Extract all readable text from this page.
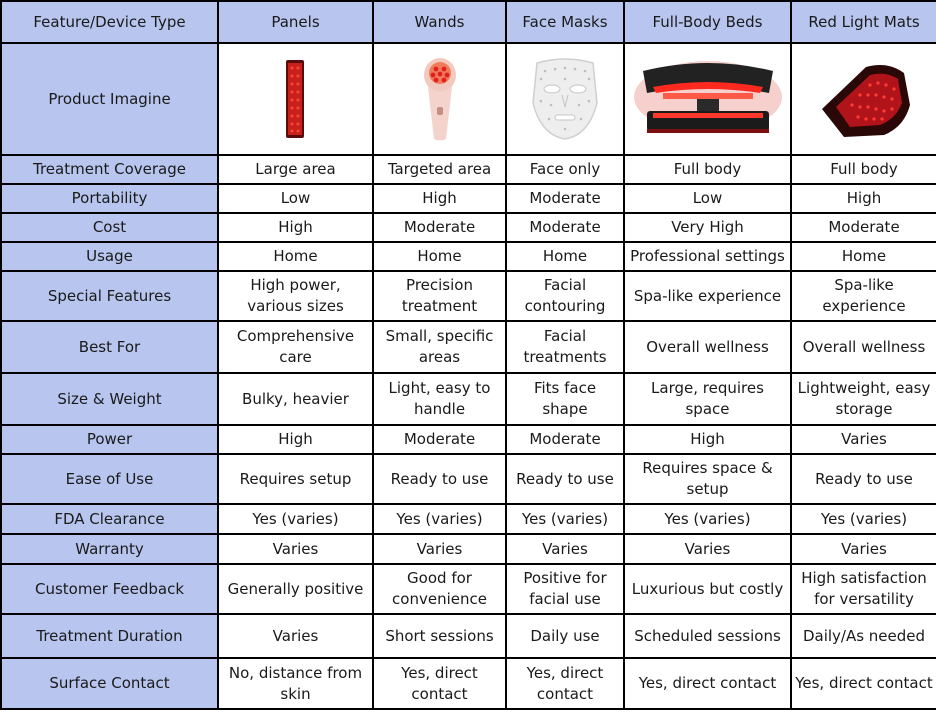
Feature/Device Type	Panels	Wands	Face Masks	Full-Body Beds	Red Light Mats
Product Imagine	

Treatment Coverage	Large area	Targeted area	Face only	Full body	Full body
Portability	Low	High	Moderate	Low	High
Cost	High	Moderate	Moderate	Very High	Moderate
Usage	Home	Home	Home	Professional settings	Home
Special Features	High power, various sizes	Precision treatment	Facial contouring	Spa-like experience	Spa-like experience
Best For	Comprehensive care	Small, specific areas	Facial treatments	Overall wellness	Overall wellness
Size & Weight	Bulky, heavier	Light, easy to handle	Fits face shape	Large, requires space	Lightweight, easy storage
Power	High	Moderate	Moderate	High	Varies
Ease of Use	Requires setup	Ready to use	Ready to use	Requires space & setup	Ready to use
FDA Clearance	Yes (varies)	Yes (varies)	Yes (varies)	Yes (varies)	Yes (varies)
Warranty	Varies	Varies	Varies	Varies	Varies
Customer Feedback	Generally positive	Good for convenience	Positive for facial use	Luxurious but costly	High satisfaction for versatility
Treatment Duration	Varies	Short sessions	Daily use	Scheduled sessions	Daily/As needed
Surface Contact	No, distance from skin	Yes, direct contact	Yes, direct contact	Yes, direct contact	Yes, direct contact
